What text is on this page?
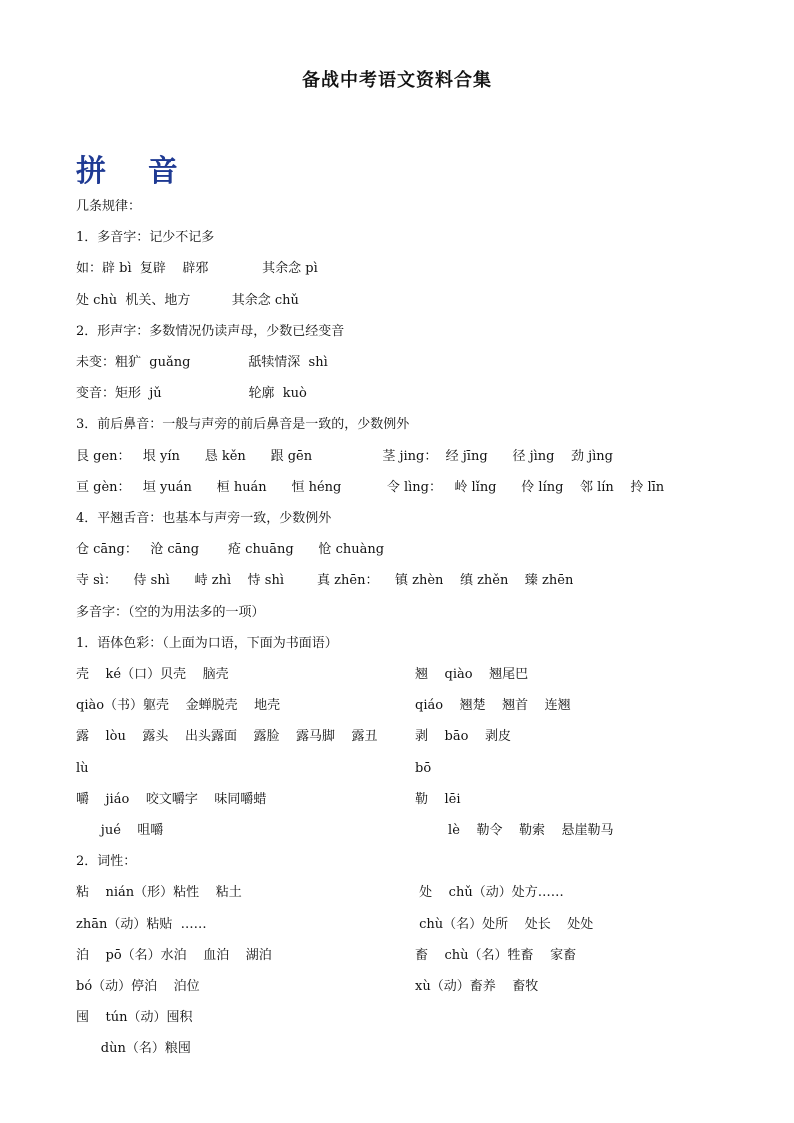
备战中考语文资料合集
拼    音
几条规律：
1．多音字：记少不记多
如：辟 bì  复辟    辟邪             其余念 pì
处 chù  机关、地方          其余念 chǔ
2．形声字：多数情况仍读声母，少数已经变音
未变：粗犷  guǎng              舐犊情深  shì
变音：矩形  jǔ                     轮廓  kuò
3．前后鼻音：一般与声旁的前后鼻音是一致的，少数例外
艮 gen：   垠 yín      恳 kěn      跟 gēn                 茎 jing：  经 jīng      径 jìng    劲 jìng
亘 gèn：   垣 yuán      桓 huán      恒 héng           令 lìng：   岭 lǐng      伶 líng    邻 lín    拎 līn
4．平翘舌音：也基本与声旁一致，少数例外
仓 cāng：   沧 cāng       疮 chuāng      怆 chuàng
寺 sì：    侍 shì      峙 zhì    恃 shì        真 zhēn：    镇 zhèn    缜 zhěn    臻 zhēn
多音字：（空的为用法多的一项）
1．语体色彩：（上面为口语，下面为书面语）
壳    ké（口）贝壳    脑壳	翘    qiào    翘尾巴
qiào（书）躯壳    金蝉脱壳    地壳	qiáo    翘楚    翘首    连翘
露    lòu    露头    出头露面    露脸    露马脚    露丑	剥    bāo    剥皮
lù	bō
嚼    jiáo    咬文嚼字    味同嚼蜡	勒    lēi
jué    咀嚼	lè    勒令    勒索    悬崖勒马
2．词性：
粘    nián（形）粘性    粘土	处    chǔ（动）处方……
zhān（动）粘贴  ……	chù（名）处所    处长    处处
泊    pō（名）水泊    血泊    湖泊	畜    chù（名）牲畜    家畜
bó（动）停泊    泊位	xù（动）畜养    畜牧
囤    tún（动）囤积
dùn（名）粮囤
